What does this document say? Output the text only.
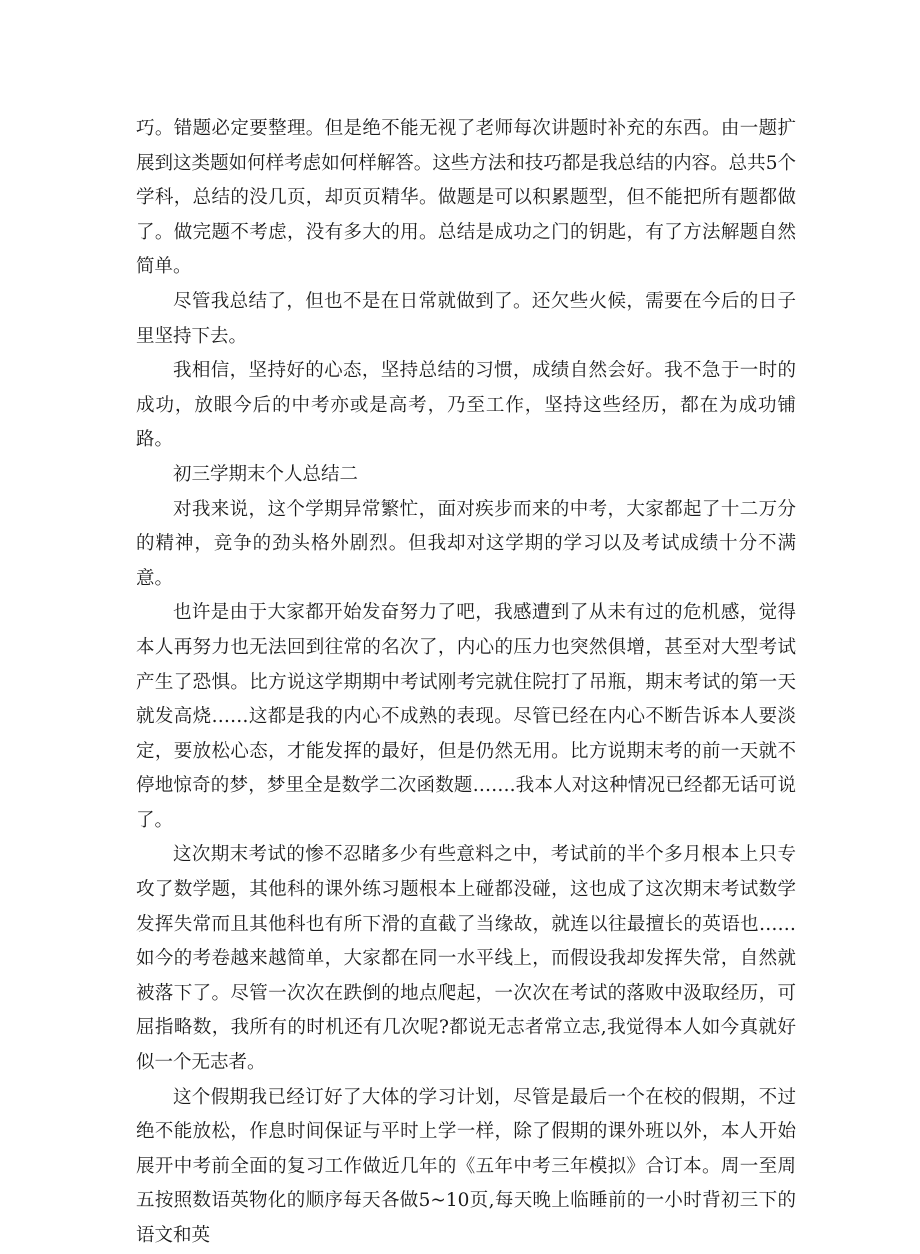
巧。错题必定要整理。但是绝不能无视了老师每次讲题时补充的东西。由一题扩展到这类题如何样考虑如何样解答。这些方法和技巧都是我总结的内容。总共5个学科，总结的没几页，却页页精华。做题是可以积累题型，但不能把所有题都做了。做完题不考虑，没有多大的用。总结是成功之门的钥匙，有了方法解题自然简单。

尽管我总结了，但也不是在日常就做到了。还欠些火候，需要在今后的日子里坚持下去。

我相信，坚持好的心态，坚持总结的习惯，成绩自然会好。我不急于一时的成功，放眼今后的中考亦或是高考，乃至工作，坚持这些经历，都在为成功铺路。

初三学期末个人总结二

对我来说，这个学期异常繁忙，面对疾步而来的中考，大家都起了十二万分的精神，竞争的劲头格外剧烈。但我却对这学期的学习以及考试成绩十分不满意。

也许是由于大家都开始发奋努力了吧，我感遭到了从未有过的危机感，觉得本人再努力也无法回到往常的名次了，内心的压力也突然俱增，甚至对大型考试产生了恐惧。比方说这学期期中考试刚考完就住院打了吊瓶，期末考试的第一天就发高烧……这都是我的内心不成熟的表现。尽管已经在内心不断告诉本人要淡定，要放松心态，才能发挥的最好，但是仍然无用。比方说期末考的前一天就不停地惊奇的梦，梦里全是数学二次函数题…….我本人对这种情况已经都无话可说了。

这次期末考试的惨不忍睹多少有些意料之中，考试前的半个多月根本上只专攻了数学题，其他科的课外练习题根本上碰都没碰，这也成了这次期末考试数学发挥失常而且其他科也有所下滑的直截了当缘故，就连以往最擅长的英语也……如今的考卷越来越简单，大家都在同一水平线上，而假设我却发挥失常，自然就被落下了。尽管一次次在跌倒的地点爬起，一次次在考试的落败中汲取经历，可屈指略数，我所有的时机还有几次呢?都说无志者常立志,我觉得本人如今真就好似一个无志者。

这个假期我已经订好了大体的学习计划，尽管是最后一个在校的假期，不过绝不能放松，作息时间保证与平时上学一样，除了假期的课外班以外，本人开始展开中考前全面的复习工作做近几年的《五年中考三年模拟》合订本。周一至周五按照数语英物化的顺序每天各做5~10页,每天晚上临睡前的一小时背初三下的语文和英
